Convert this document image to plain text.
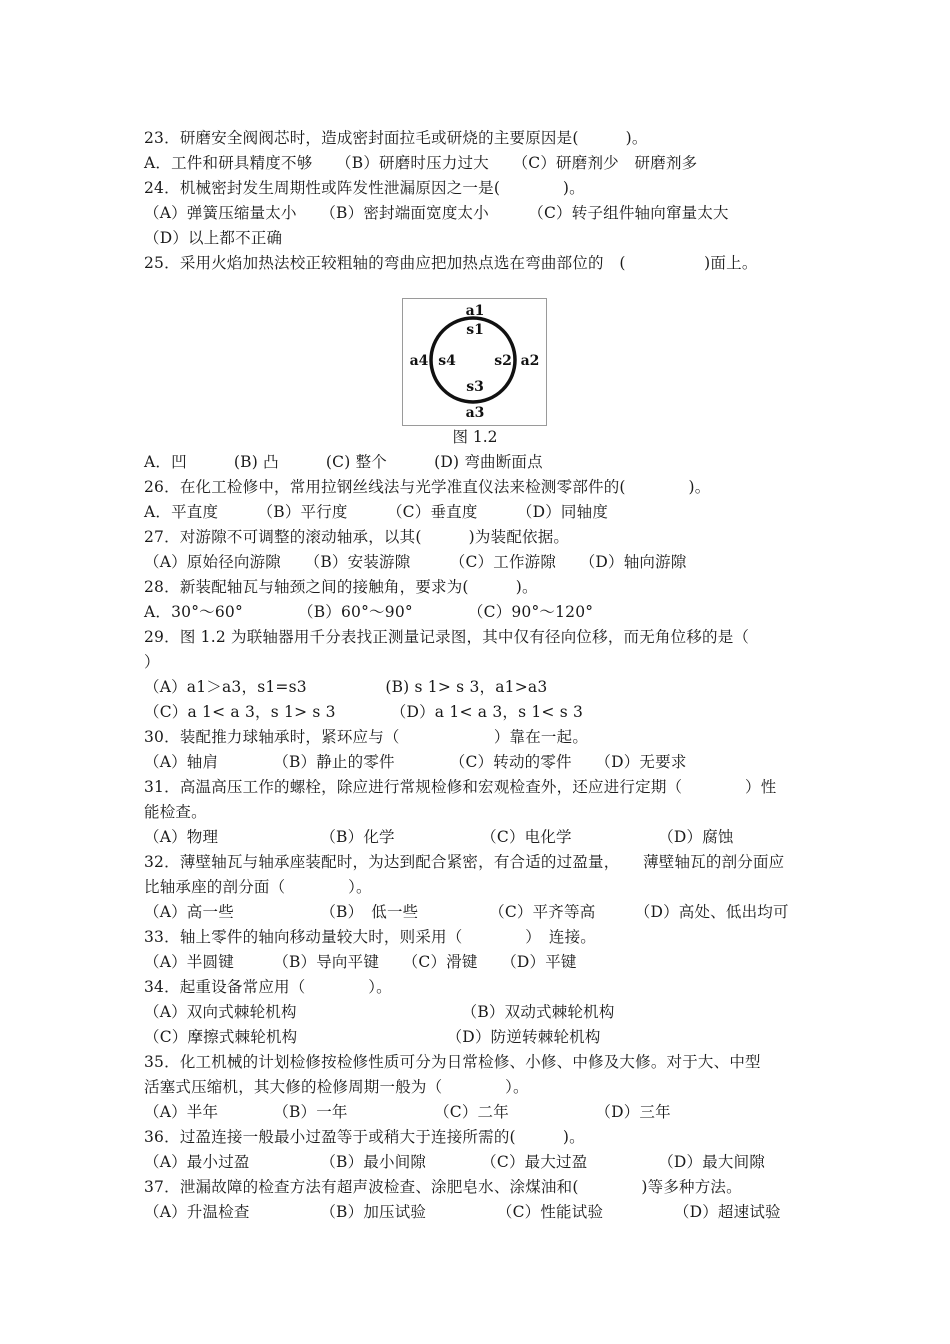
23．研磨安全阀阀芯时，造成密封面拉毛或研烧的主要原因是(　　　)。
A．工件和研具精度不够　　（B）研磨时压力过大　　（C）研磨剂少　研磨剂多
24．机械密封发生周期性或阵发性泄漏原因之一是(　　　　)。
（A）弹簧压缩量太小　　（B）密封端面宽度太小　　　（C）转子组件轴向窜量太大
（D）以上都不正确
25．采用火焰加热法校正较粗轴的弯曲应把加热点选在弯曲部位的　(　　　　　)面上。
A．凹　　　(B) 凸　　　(C) 整个　　　(D) 弯曲断面点
26．在化工检修中，常用拉钢丝线法与光学准直仪法来检测零部件的(　　　　)。
A．平直度　　　（B）平行度　　　（C）垂直度　　　（D）同轴度
27．对游隙不可调整的滚动轴承，以其(　　　)为装配依据。
（A）原始径向游隙　　（B）安装游隙　　　（C）工作游隙　　（D）轴向游隙
28．新装配轴瓦与轴颈之间的接触角，要求为(　　　)。
A．30°～60°　　　　（B）60°～90°　　　　（C）90°～120°
29．图 1.2 为联轴器用千分表找正测量记录图，其中仅有径向位移，而无角位移的是（
）
（A）a1＞a3，s1=s3　　　　　(B) s 1> s 3，a1>a3
（C）a 1< a 3，s 1> s 3　　　　（D）a 1< a 3，s 1< s 3
30．装配推力球轴承时，紧环应与（　　　　　　）靠在一起。
（A）轴肩　　　　（B）静止的零件　　　　（C）转动的零件　　（D）无要求
31．高温高压工作的螺栓，除应进行常规检修和宏观检查外，还应进行定期（　　　　）性
能检查。
（A）物理　　　　　　　（B）化学　　　　　　（C）电化学　　　　　　（D）腐蚀
32．薄壁轴瓦与轴承座装配时，为达到配合紧密，有合适的过盈量，　　薄壁轴瓦的剖分面应
比轴承座的剖分面（　　　　）。
（A）高一些　　　　　　（B）　低一些　　　　　（C）平齐等高　　　（D）高处、低出均可
33．轴上零件的轴向移动量较大时，则采用（　　　　）　连接。
（A）半圆键　　　（B）导向平键　　（C）滑键　　（D）平键
34．起重设备常应用（　　　　）。
（A）双向式棘轮机构　　　　　　　　　　　（B）双动式棘轮机构
（C）摩擦式棘轮机构　　　　　　　　　　（D）防逆转棘轮机构
35．化工机械的计划检修按检修性质可分为日常检修、小修、中修及大修。对于大、中型
活塞式压缩机，其大修的检修周期一般为（　　　　）。
（A）半年　　　　（B）一年　　　　　　（C）二年　　　　　　（D）三年
36．过盈连接一般最小过盈等于或稍大于连接所需的(　　　)。
（A）最小过盈　　　　　（B）最小间隙　　　　（C）最大过盈　　　　　（D）最大间隙
37．泄漏故障的检查方法有超声波检查、涂肥皂水、涂煤油和(　　　　)等多种方法。
（A）升温检查　　　　　（B）加压试验　　　　　（C）性能试验　　　　　（D）超速试验
a1
s1
a2
s2
s3
a3
a4 s4
图 1.2
